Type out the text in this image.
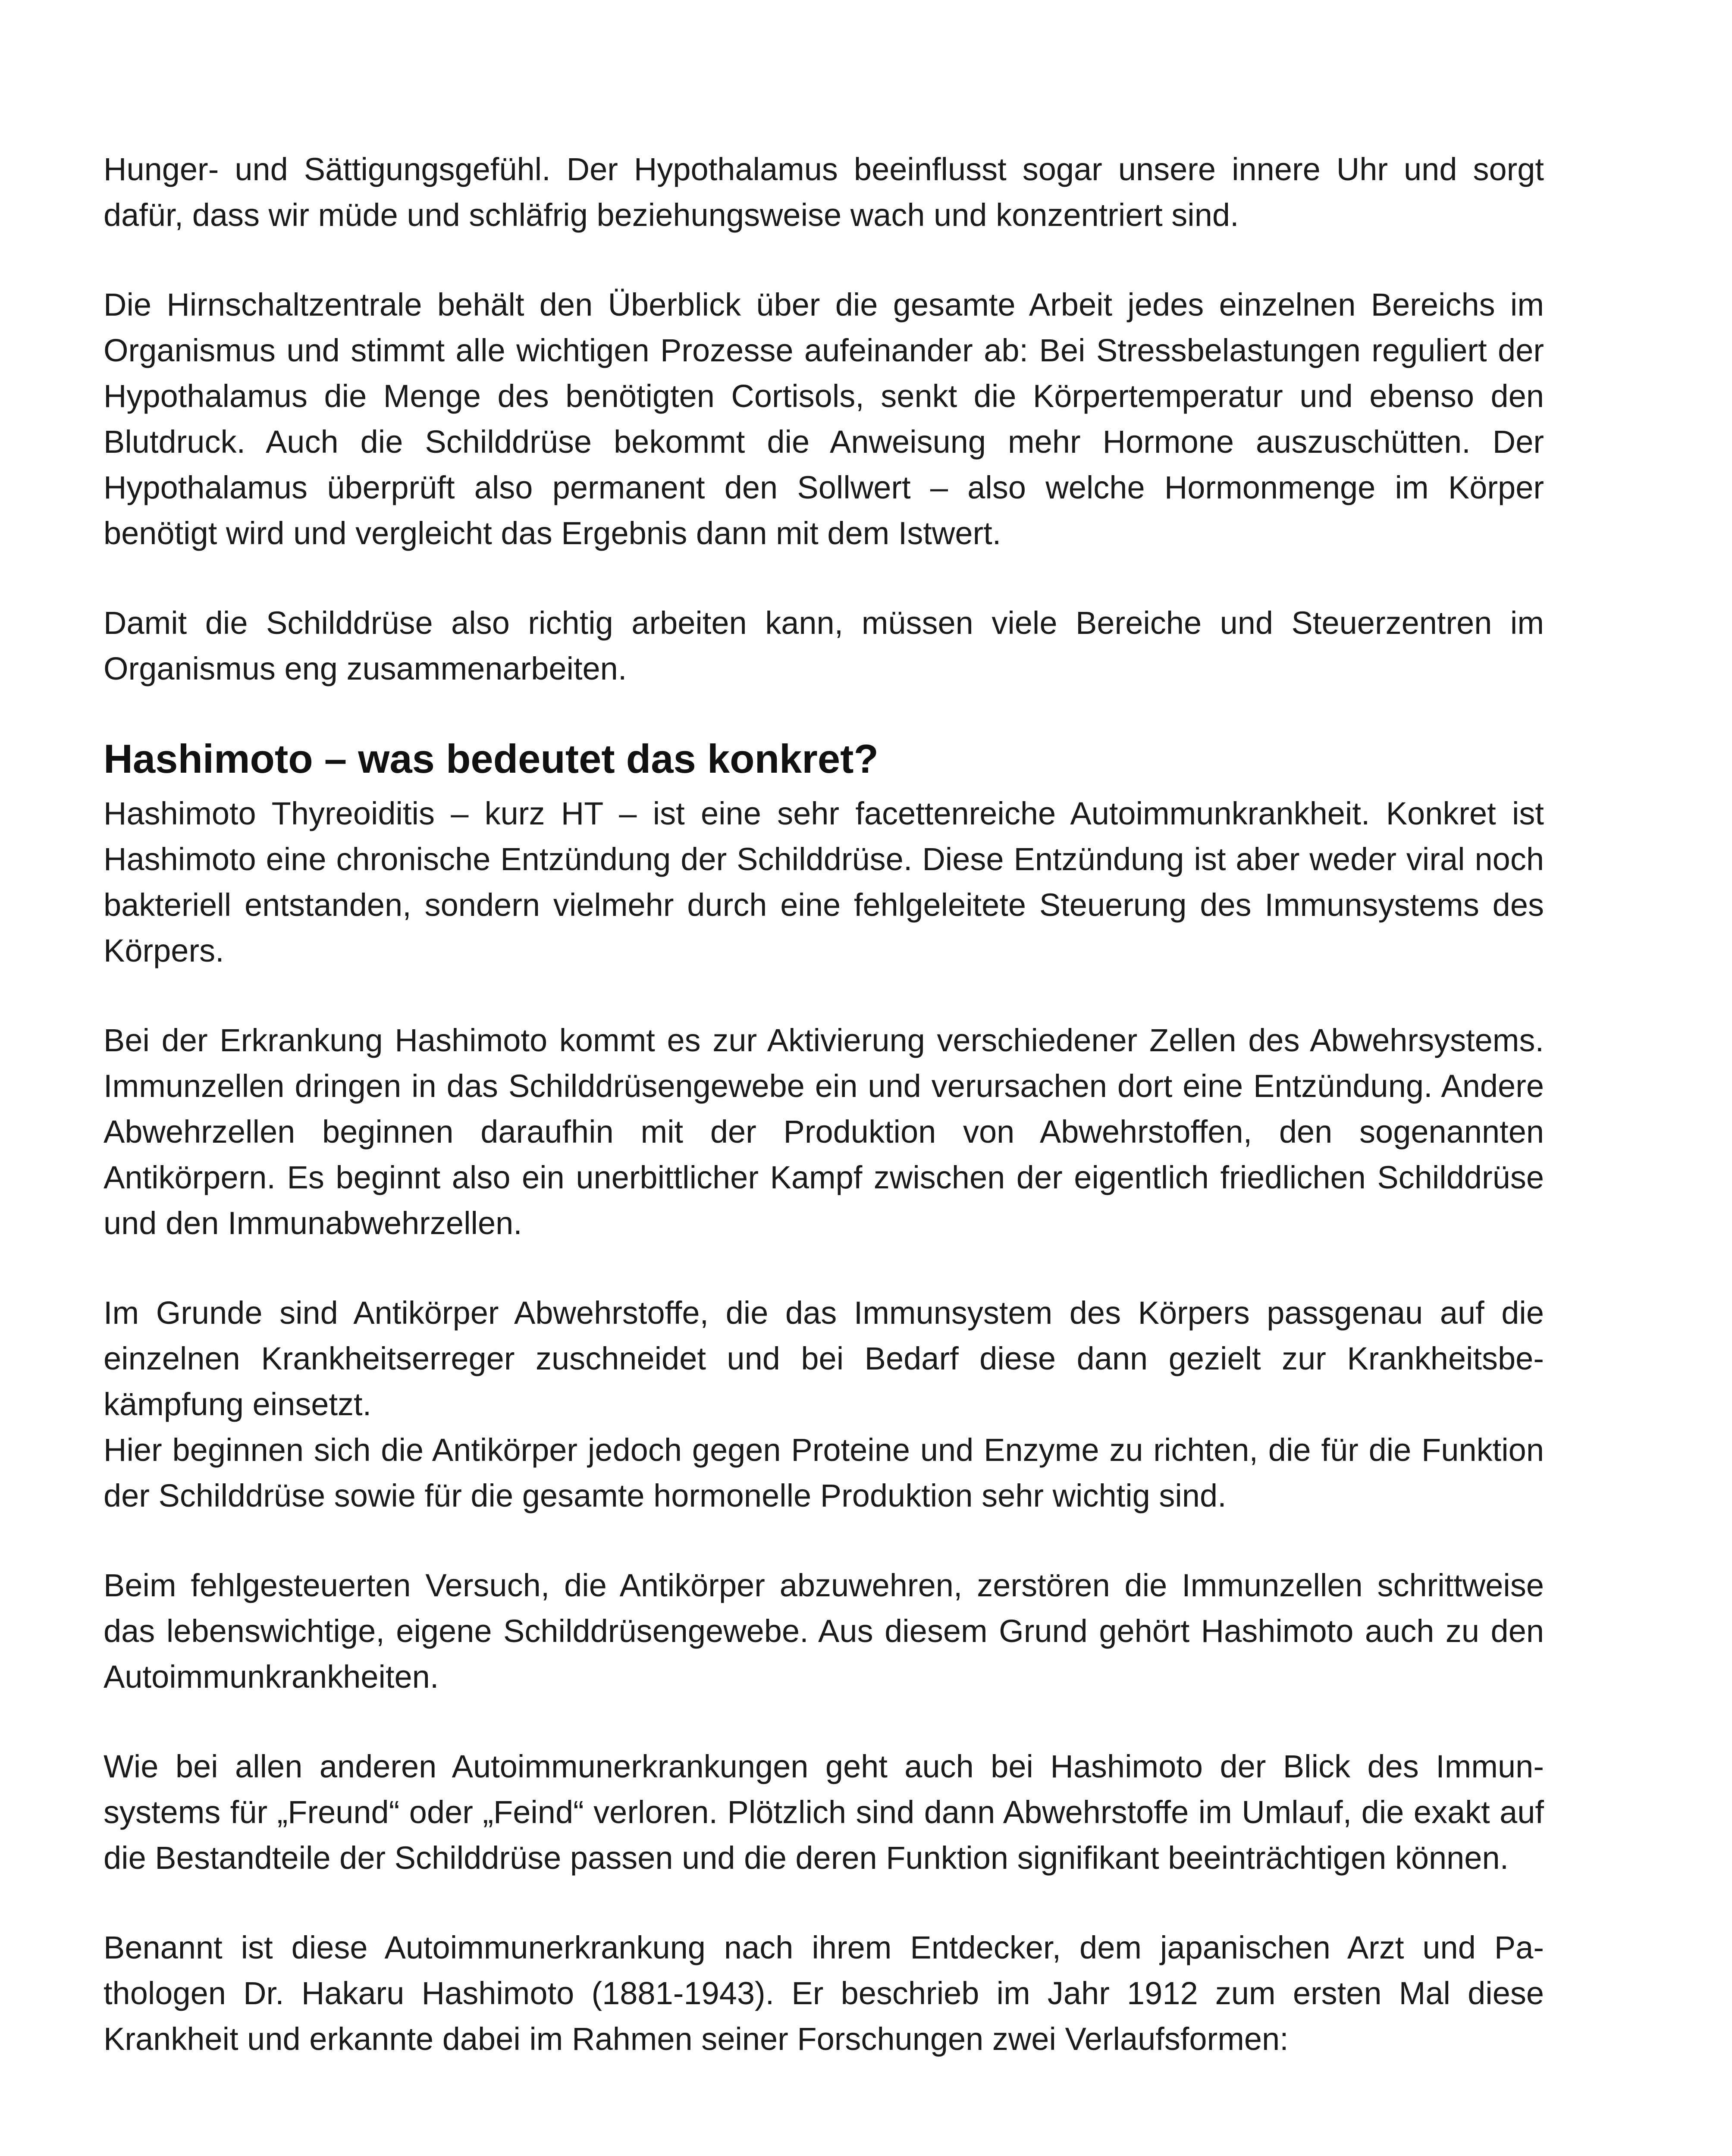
Hunger- und Sättigungsgefühl. Der Hypothalamus beeinflusst sogar unsere innere Uhr und sorgt dafür, dass wir müde und schläfrig beziehungsweise wach und konzentriert sind.

Die Hirnschaltzentrale behält den Überblick über die gesamte Arbeit jedes einzelnen Bereichs im Organismus und stimmt alle wichtigen Prozesse aufeinander ab: Bei Stressbelastungen reguliert der Hypothalamus die Menge des benötigten Cortisols, senkt die Körpertemperatur und ebenso den Blutdruck. Auch die Schilddrüse bekommt die Anweisung mehr Hormone auszuschütten. Der Hypothalamus überprüft also permanent den Sollwert – also welche Hormonmenge im Körper benötigt wird und vergleicht das Ergebnis dann mit dem Istwert.

Damit die Schilddrüse also richtig arbeiten kann, müssen viele Bereiche und Steuerzentren im Organismus eng zusammenarbeiten.

Hashimoto – was bedeutet das konkret?

Hashimoto Thyreoiditis – kurz HT – ist eine sehr facettenreiche Autoimmunkrankheit. Konkret ist Hashimoto eine chronische Entzündung der Schilddrüse. Diese Entzündung ist aber weder viral noch bakteriell entstanden, sondern vielmehr durch eine fehlgeleitete Steuerung des Immunsystems des Körpers.

Bei der Erkrankung Hashimoto kommt es zur Aktivierung verschiedener Zellen des Abwehrsystems. Immunzellen dringen in das Schilddrüsengewebe ein und verursachen dort eine Entzündung. Andere Abwehrzellen beginnen daraufhin mit der Produktion von Abwehrstoffen, den sogenannten Antikörpern. Es beginnt also ein unerbittlicher Kampf zwischen der eigentlich friedlichen Schilddrüse und den Immunabwehrzellen.

Im Grunde sind Antikörper Abwehrstoffe, die das Immunsystem des Körpers passgenau auf die einzelnen Krankheitserreger zuschneidet und bei Bedarf diese dann gezielt zur Krankheitsbekämpfung einsetzt.

Hier beginnen sich die Antikörper jedoch gegen Proteine und Enzyme zu richten, die für die Funktion der Schilddrüse sowie für die gesamte hormonelle Produktion sehr wichtig sind.

Beim fehlgesteuerten Versuch, die Antikörper abzuwehren, zerstören die Immunzellen schrittweise das lebenswichtige, eigene Schilddrüsengewebe. Aus diesem Grund gehört Hashimoto auch zu den Autoimmunkrankheiten.

Wie bei allen anderen Autoimmunerkrankungen geht auch bei Hashimoto der Blick des Immunsystems für „Freund“ oder „Feind“ verloren. Plötzlich sind dann Abwehrstoffe im Umlauf, die exakt auf die Bestandteile der Schilddrüse passen und die deren Funktion signifikant beeinträchtigen können.

Benannt ist diese Autoimmunerkrankung nach ihrem Entdecker, dem japanischen Arzt und Pathologen Dr. Hakaru Hashimoto (1881-1943). Er beschrieb im Jahr 1912 zum ersten Mal diese Krankheit und erkannte dabei im Rahmen seiner Forschungen zwei Verlaufsformen:
